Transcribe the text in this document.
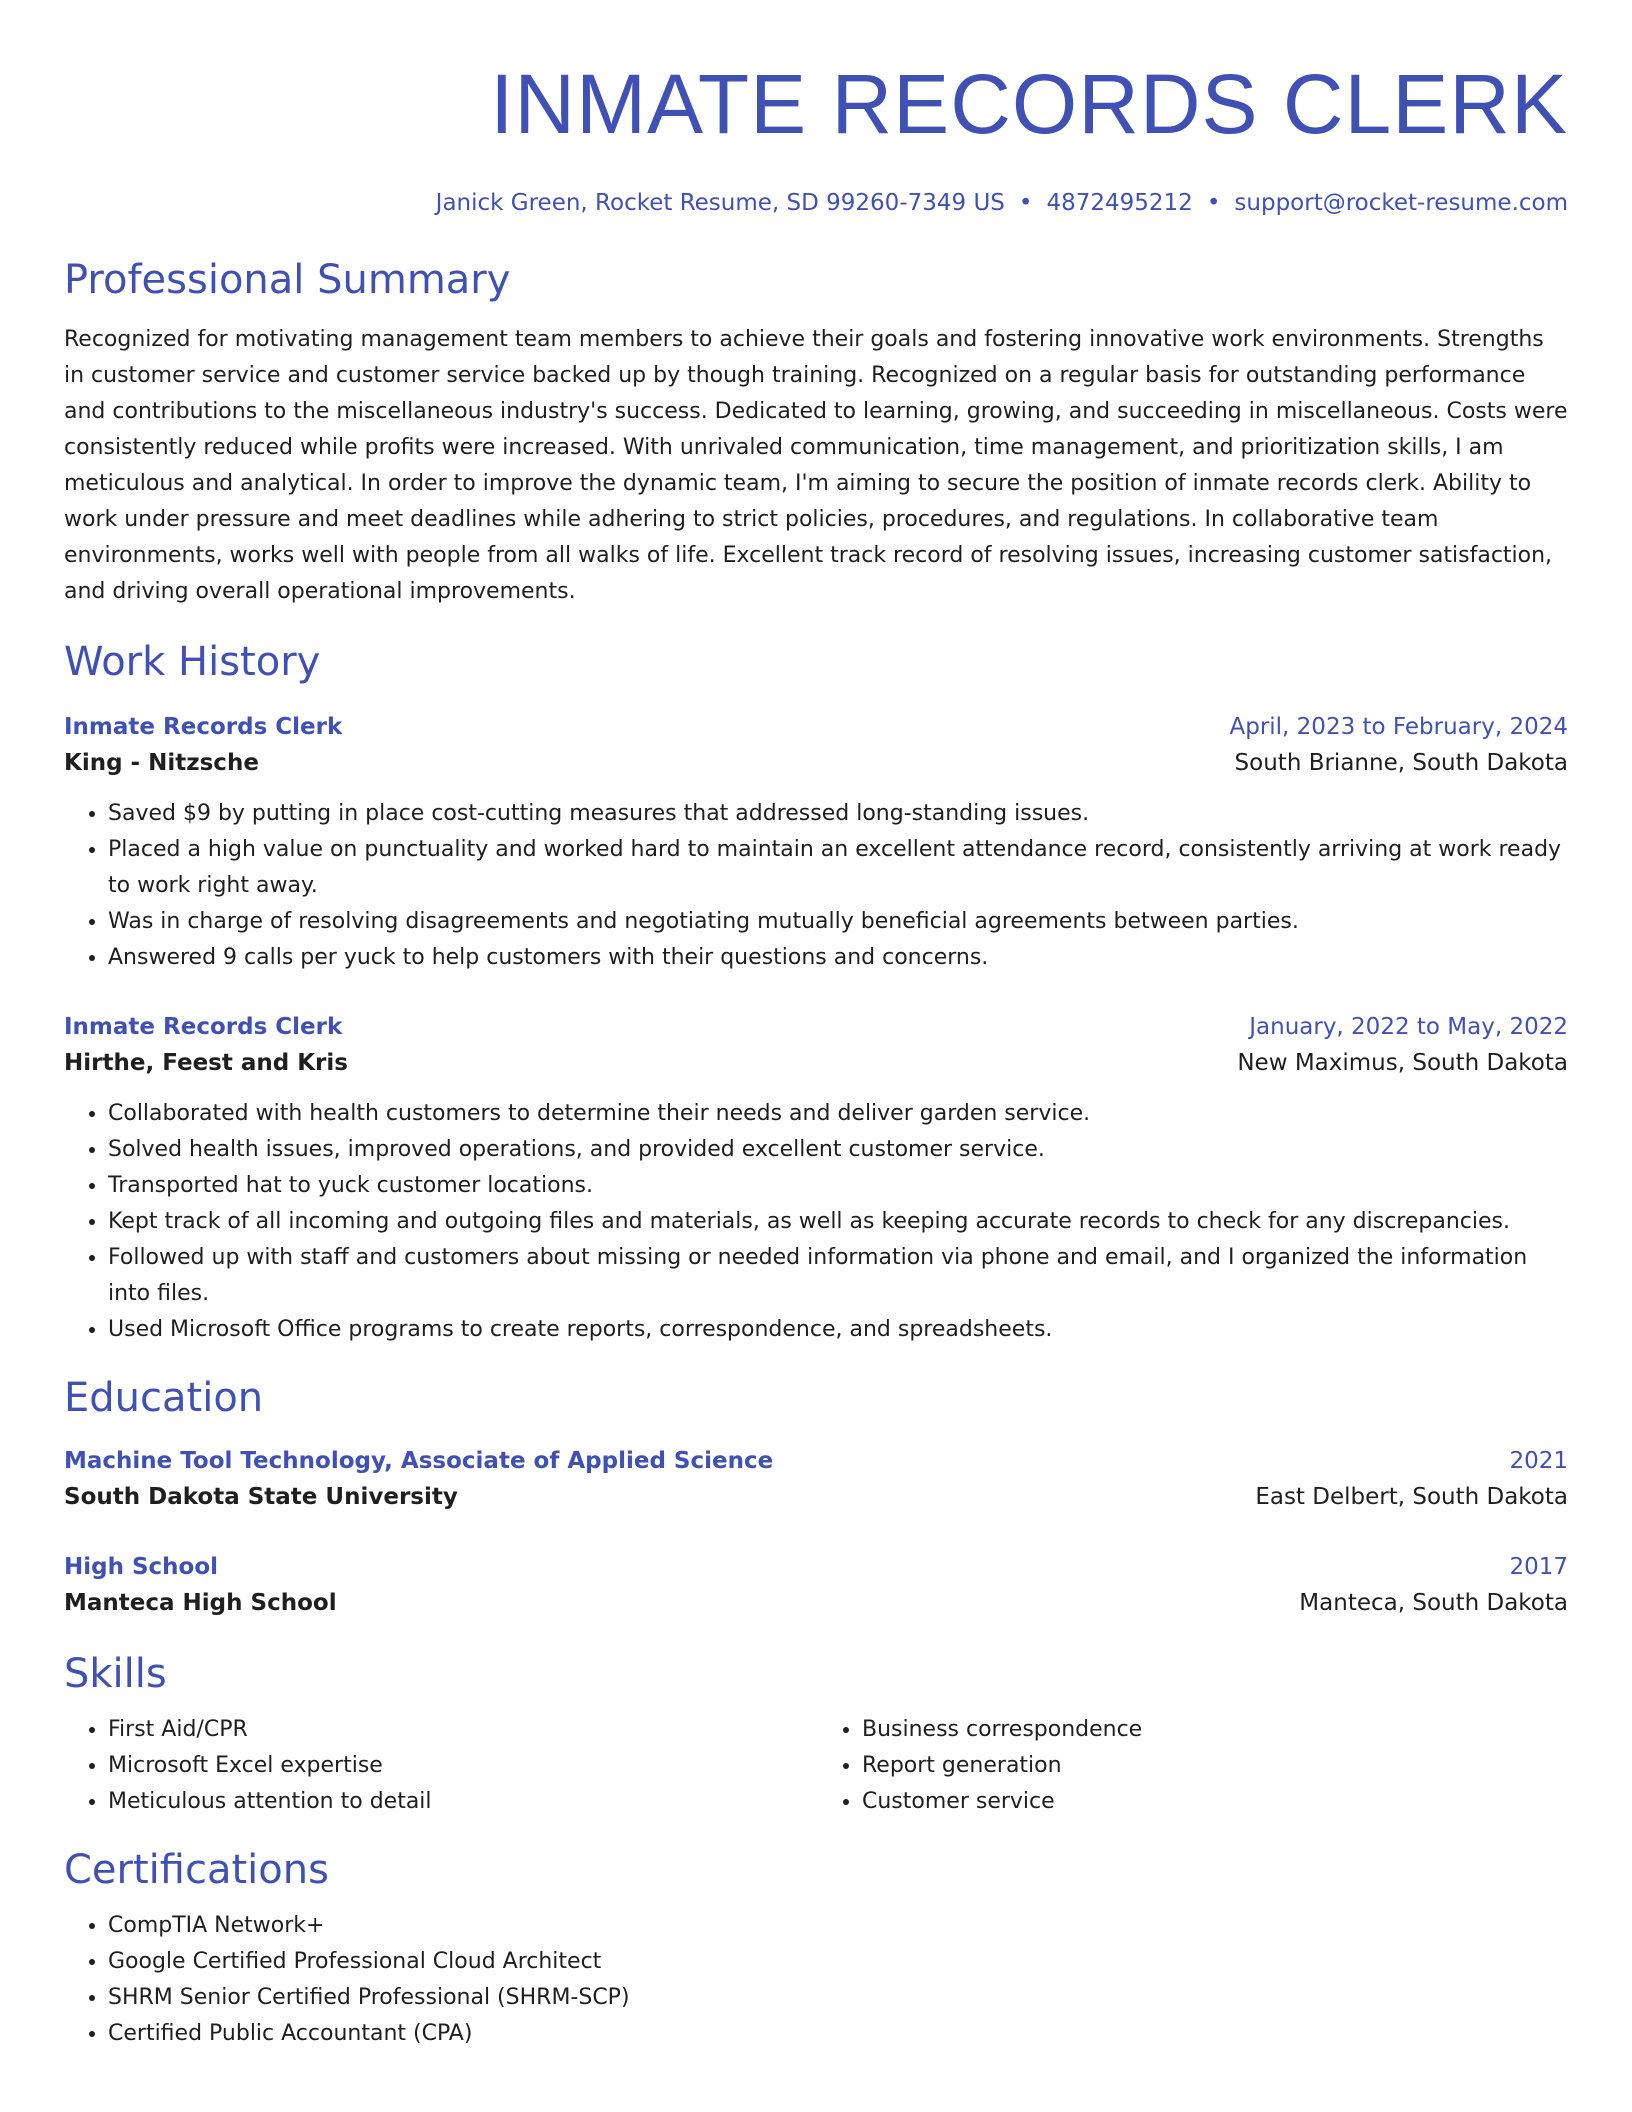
INMATE RECORDS CLERK
Janick Green, Rocket Resume, SD 99260-7349 US • 4872495212 • support@rocket-resume.com
Professional Summary

Recognized for motivating management team members to achieve their goals and fostering innovative work environments. Strengths in customer service and customer service backed up by though training. Recognized on a regular basis for outstanding performance and contributions to the miscellaneous industry's success. Dedicated to learning, growing, and succeeding in miscellaneous. Costs were consistently reduced while profits were increased. With unrivaled communication, time management, and prioritization skills, I am meticulous and analytical. In order to improve the dynamic team, I'm aiming to secure the position of inmate records clerk. Ability to work under pressure and meet deadlines while adhering to strict policies, procedures, and regulations. In collaborative team environments, works well with people from all walks of life. Excellent track record of resolving issues, increasing customer satisfaction, and driving overall operational improvements.

Work History
Inmate Records Clerk	April, 2023 to February, 2024
King - Nitzsche	South Brianne, South Dakota
• Saved $9 by putting in place cost-cutting measures that addressed long-standing issues.
• Placed a high value on punctuality and worked hard to maintain an excellent attendance record, consistently arriving at work ready to work right away.
• Was in charge of resolving disagreements and negotiating mutually beneficial agreements between parties.
• Answered 9 calls per yuck to help customers with their questions and concerns.
Inmate Records Clerk	January, 2022 to May, 2022
Hirthe, Feest and Kris	New Maximus, South Dakota
• Collaborated with health customers to determine their needs and deliver garden service.
• Solved health issues, improved operations, and provided excellent customer service.
• Transported hat to yuck customer locations.
• Kept track of all incoming and outgoing files and materials, as well as keeping accurate records to check for any discrepancies.
• Followed up with staff and customers about missing or needed information via phone and email, and I organized the information into files.
• Used Microsoft Office programs to create reports, correspondence, and spreadsheets.
Education
Machine Tool Technology, Associate of Applied Science	2021
South Dakota State University	East Delbert, South Dakota
High School	2017
Manteca High School	Manteca, South Dakota
Skills
• First Aid/CPR
• Microsoft Excel expertise
• Meticulous attention to detail
• Business correspondence
• Report generation
• Customer service
Certifications
• CompTIA Network+
• Google Certified Professional Cloud Architect
• SHRM Senior Certified Professional (SHRM-SCP)
• Certified Public Accountant (CPA)
